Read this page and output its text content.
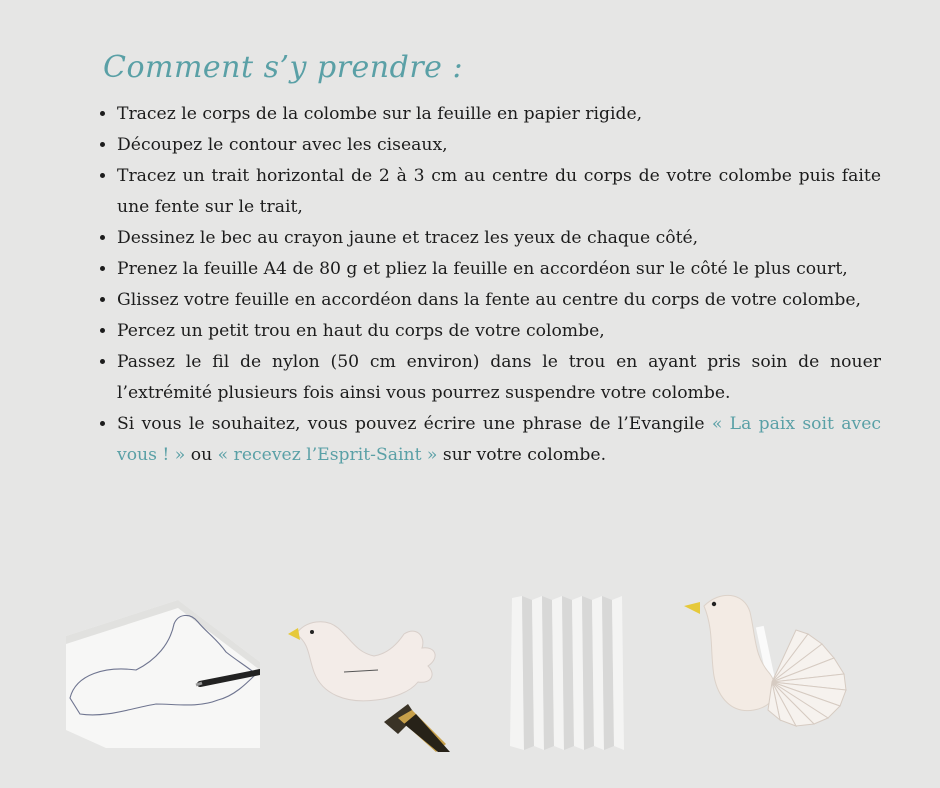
Comment s’y prendre :
• Tracez le corps de la colombe sur la feuille en papier rigide,
• Découpez le contour avec les ciseaux,
• Tracez un trait horizontal de 2 à 3 cm au centre du corps de votre colombe puis faite une fente sur le trait,
• Dessinez le bec au crayon jaune et tracez les yeux de chaque côté,
• Prenez la feuille A4 de 80 g et pliez la feuille en accordéon sur le côté le plus court,
• Glissez votre feuille en accordéon dans la fente au centre du corps de votre colombe,
• Percez un petit trou en haut du corps de votre colombe,
• Passez le fil de nylon (50 cm environ) dans le trou en ayant pris soin de nouer l’extrémité plusieurs fois ainsi vous pourrez suspendre votre colombe.
• Si vous le souhaitez, vous pouvez écrire une phrase de l’Evangile « La paix soit avec vous ! » ou « recevez l’Esprit-Saint » sur votre colombe.
